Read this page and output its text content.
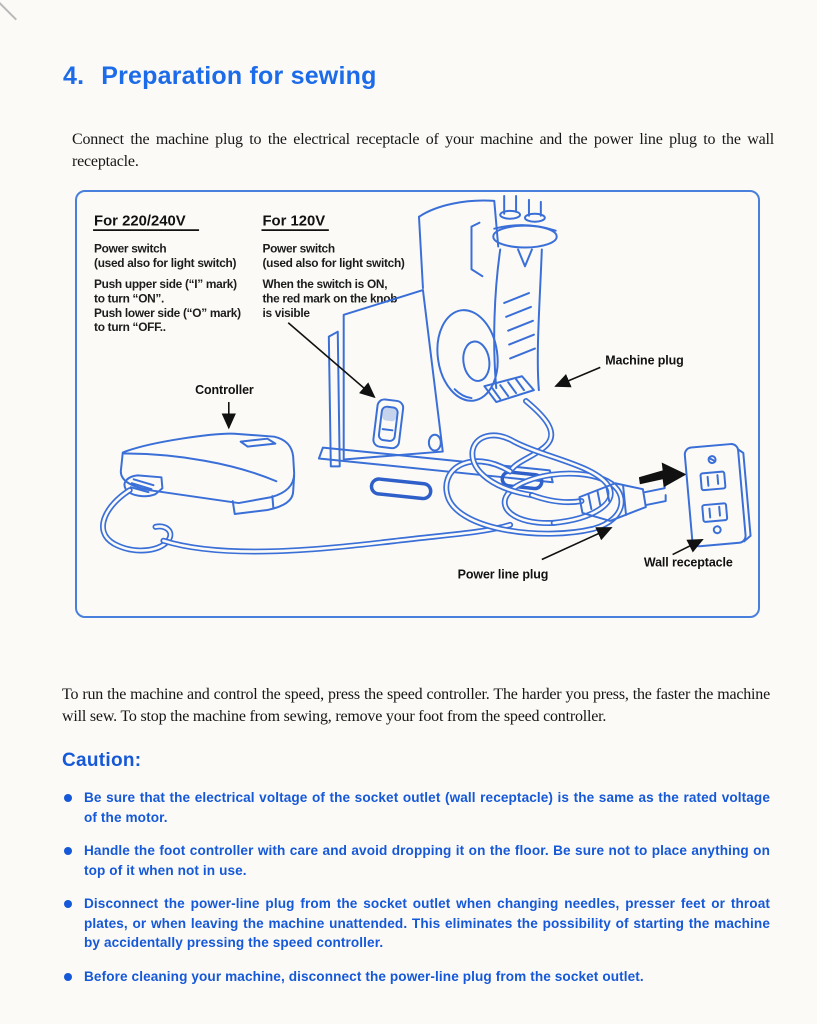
4. Preparation for sewing

Connect the machine plug to the electrical receptacle of your machine and the power line plug to the wall receptacle.

For 220/240V
Power switch
(used also for light switch)
Push upper side (“I” mark)
to turn “ON”.
Push lower side (“O” mark)
to turn “OFF..
For 120V
Power switch
(used also for light switch)
When the switch is ON,
the red mark on the knob
is visible
Controller
Machine plug
Power line plug
Wall receptacle

To run the machine and control the speed, press the speed controller. The harder you press, the faster the machine will sew. To stop the machine from sewing, remove your foot from the speed controller.

Caution:
Be sure that the electrical voltage of the socket outlet (wall receptacle) is the same as the rated voltage of the motor.
Handle the foot controller with care and avoid dropping it on the floor. Be sure not to place anything on top of it when not in use.
Disconnect the power-line plug from the socket outlet when changing needles, presser feet or throat plates, or when leaving the machine unattended. This eliminates the possibility of starting the machine by accidentally pressing the speed controller.
Before cleaning your machine, disconnect the power-line plug from the socket outlet.
